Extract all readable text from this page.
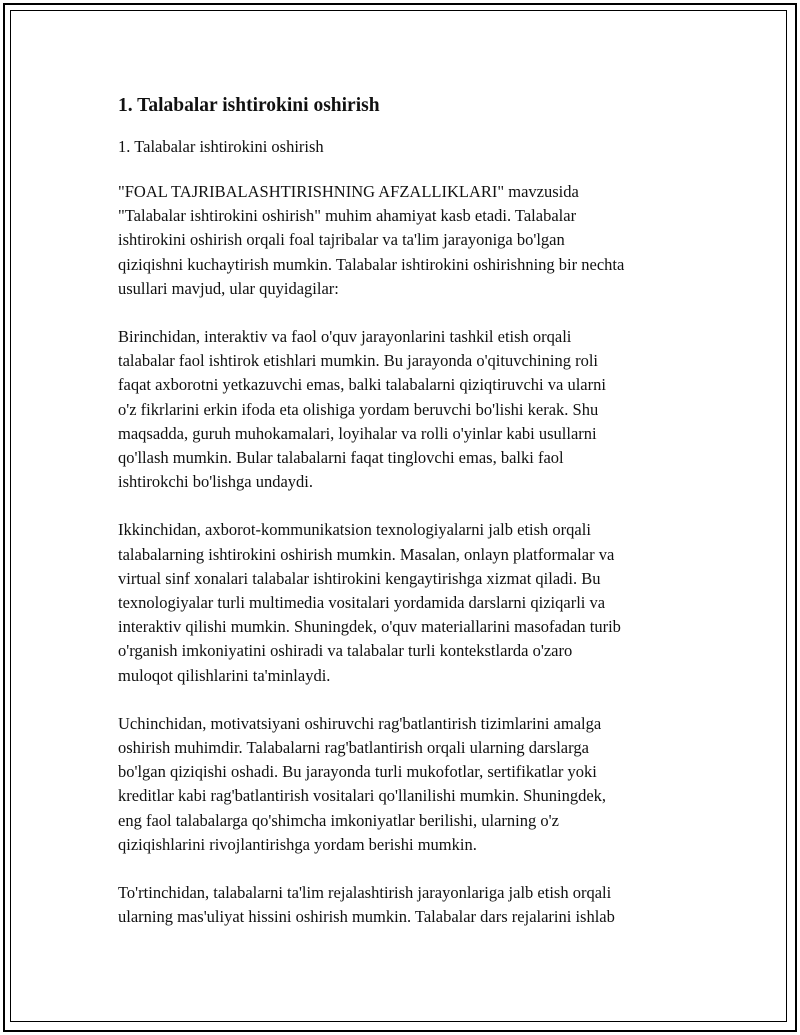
1. Talabalar ishtirokini oshirish

1. Talabalar ishtirokini oshirish

"FOAL TAJRIBALASHTIRISHNING AFZALLIKLARI" mavzusida
"Talabalar ishtirokini oshirish" muhim ahamiyat kasb etadi. Talabalar
ishtirokini oshirish orqali foal tajribalar va ta'lim jarayoniga bo'lgan
qiziqishni kuchaytirish mumkin. Talabalar ishtirokini oshirishning bir nechta
usullari mavjud, ular quyidagilar:

Birinchidan, interaktiv va faol o'quv jarayonlarini tashkil etish orqali
talabalar faol ishtirok etishlari mumkin. Bu jarayonda o'qituvchining roli
faqat axborotni yetkazuvchi emas, balki talabalarni qiziqtiruvchi va ularni
o'z fikrlarini erkin ifoda eta olishiga yordam beruvchi bo'lishi kerak. Shu
maqsadda, guruh muhokamalari, loyihalar va rolli o'yinlar kabi usullarni
qo'llash mumkin. Bular talabalarni faqat tinglovchi emas, balki faol
ishtirokchi bo'lishga undaydi.

Ikkinchidan, axborot-kommunikatsion texnologiyalarni jalb etish orqali
talabalarning ishtirokini oshirish mumkin. Masalan, onlayn platformalar va
virtual sinf xonalari talabalar ishtirokini kengaytirishga xizmat qiladi. Bu
texnologiyalar turli multimedia vositalari yordamida darslarni qiziqarli va
interaktiv qilishi mumkin. Shuningdek, o'quv materiallarini masofadan turib
o'rganish imkoniyatini oshiradi va talabalar turli kontekstlarda o'zaro
muloqot qilishlarini ta'minlaydi.

Uchinchidan, motivatsiyani oshiruvchi rag'batlantirish tizimlarini amalga
oshirish muhimdir. Talabalarni rag'batlantirish orqali ularning darslarga
bo'lgan qiziqishi oshadi. Bu jarayonda turli mukofotlar, sertifikatlar yoki
kreditlar kabi rag'batlantirish vositalari qo'llanilishi mumkin. Shuningdek,
eng faol talabalarga qo'shimcha imkoniyatlar berilishi, ularning o'z
qiziqishlarini rivojlantirishga yordam berishi mumkin.

To'rtinchidan, talabalarni ta'lim rejalashtirish jarayonlariga jalb etish orqali
ularning mas'uliyat hissini oshirish mumkin. Talabalar dars rejalarini ishlab
